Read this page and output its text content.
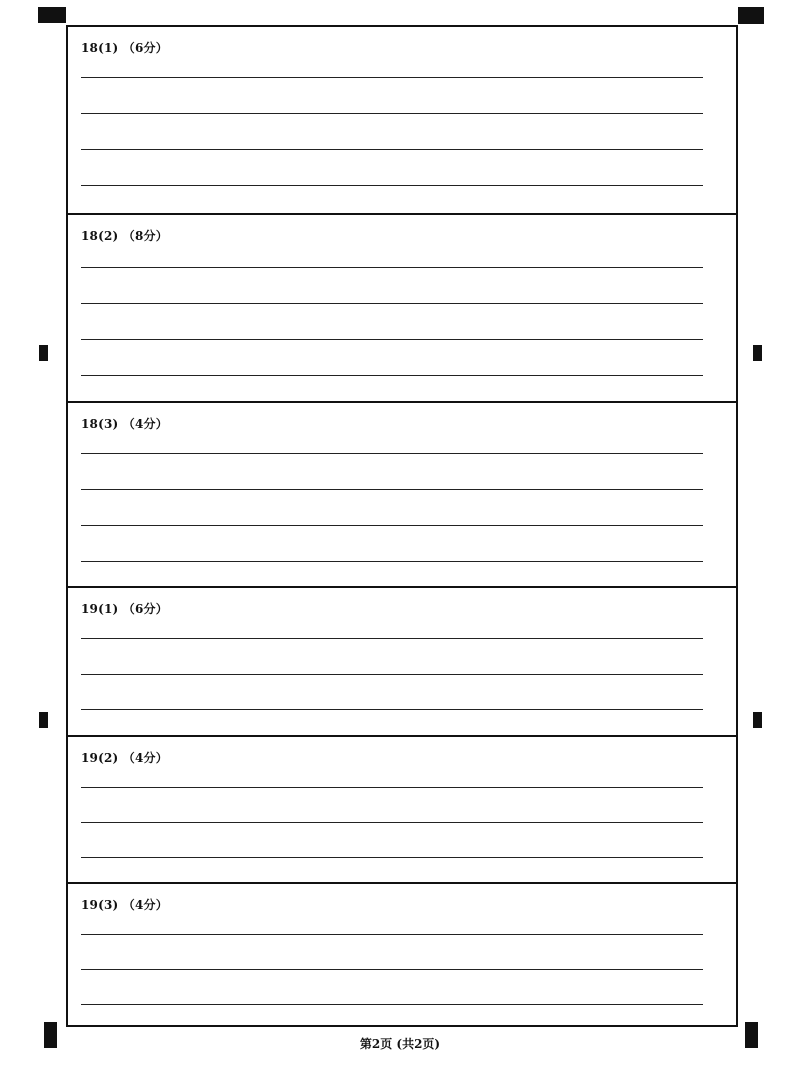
18(1) （6分）
18(2) （8分）
18(3) （4分）
19(1) （6分）
19(2) （4分）
19(3) （4分）
第2页 (共2页)
